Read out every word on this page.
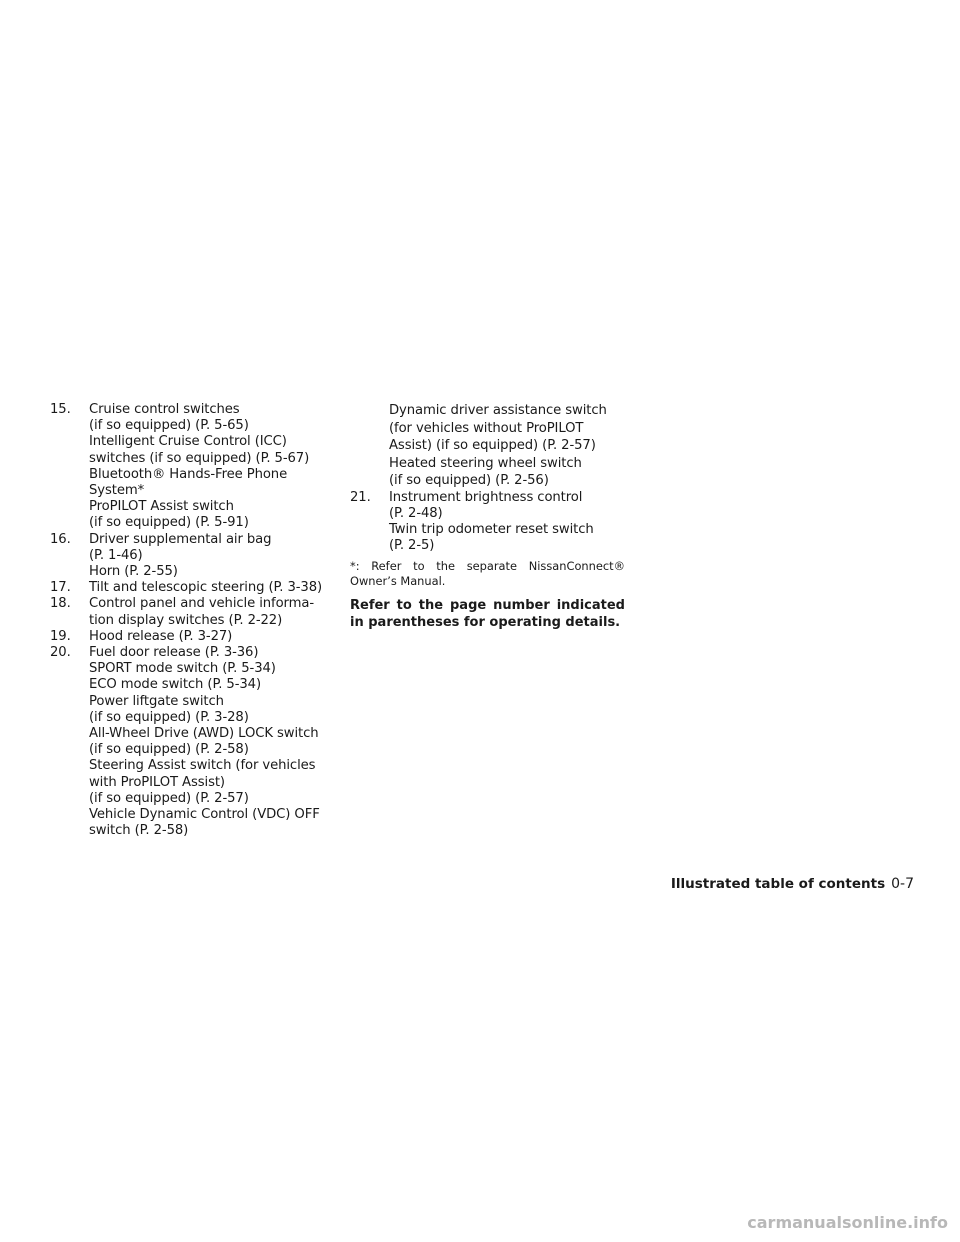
15. Cruise control switches
(if so equipped) (P. 5-65)
Intelligent Cruise Control (ICC)
switches (if so equipped) (P. 5-67)
Bluetooth® Hands-Free Phone
System*
ProPILOT Assist switch
(if so equipped) (P. 5-91)
16. Driver supplemental air bag
(P. 1-46)
Horn (P. 2-55)
17. Tilt and telescopic steering (P. 3-38)
18. Control panel and vehicle informa-
tion display switches (P. 2-22)
19. Hood release (P. 3-27)
20. Fuel door release (P. 3-36)
SPORT mode switch (P. 5-34)
ECO mode switch (P. 5-34)
Power liftgate switch
(if so equipped) (P. 3-28)
All-Wheel Drive (AWD) LOCK switch
(if so equipped) (P. 2-58)
Steering Assist switch (for vehicles
with ProPILOT Assist)
(if so equipped) (P. 2-57)
Vehicle Dynamic Control (VDC) OFF
switch (P. 2-58)
Dynamic driver assistance switch
(for vehicles without ProPILOT
Assist) (if so equipped) (P. 2-57)
Heated steering wheel switch
(if so equipped) (P. 2-56)
21. Instrument brightness control
(P. 2-48)
Twin trip odometer reset switch
(P. 2-5)
*: Refer to the separate NissanConnect® Owner’s Manual.
Refer to the page number indicated in parentheses for operating details.
Illustrated table of contents 0-7
carmanualsonline.info
